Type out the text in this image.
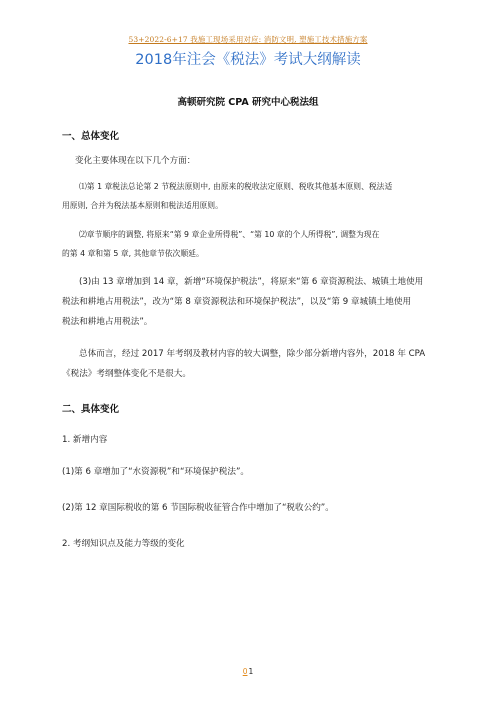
53+2022-6+17 我施工现场采用对应: 消防文明, 塑施工技术措施方案
2018年注会《税法》考试大纲解读
高顿研究院 CPA 研究中心税法组
一、总体变化
变化主要体现在以下几个方面：
⑴第 1 章税法总论第 2 节税法原则中, 由原来的税收法定原则、税收其他基本原则、税法适
用原则, 合并为税法基本原则和税法适用原则。
⑵章节顺序的调整, 将原来“第 9 章企业所得税”、“第 10 章的个人所得税”, 调整为现在
的第 4 章和第 5 章, 其他章节依次顺延。
(3)由 13 章增加到 14 章，新增“环境保护税法”，将原来“第 6 章资源税法、城镇土地使用
税法和耕地占用税法”，改为“第 8 章资源税法和环境保护税法”，以及“第 9 章城镇土地使用
税法和耕地占用税法”。
总体而言，经过 2017 年考纲及教材内容的较大调整，除少部分新增内容外，2018 年 CPA
《税法》考纲整体变化不是很大。
二、具体变化
1. 新增内容
(1)第 6 章增加了“水资源税”和“环境保护税法”。
(2)第 12 章国际税收的第 6 节国际税收征管合作中增加了“税收公约”。
2. 考纲知识点及能力等级的变化
01
